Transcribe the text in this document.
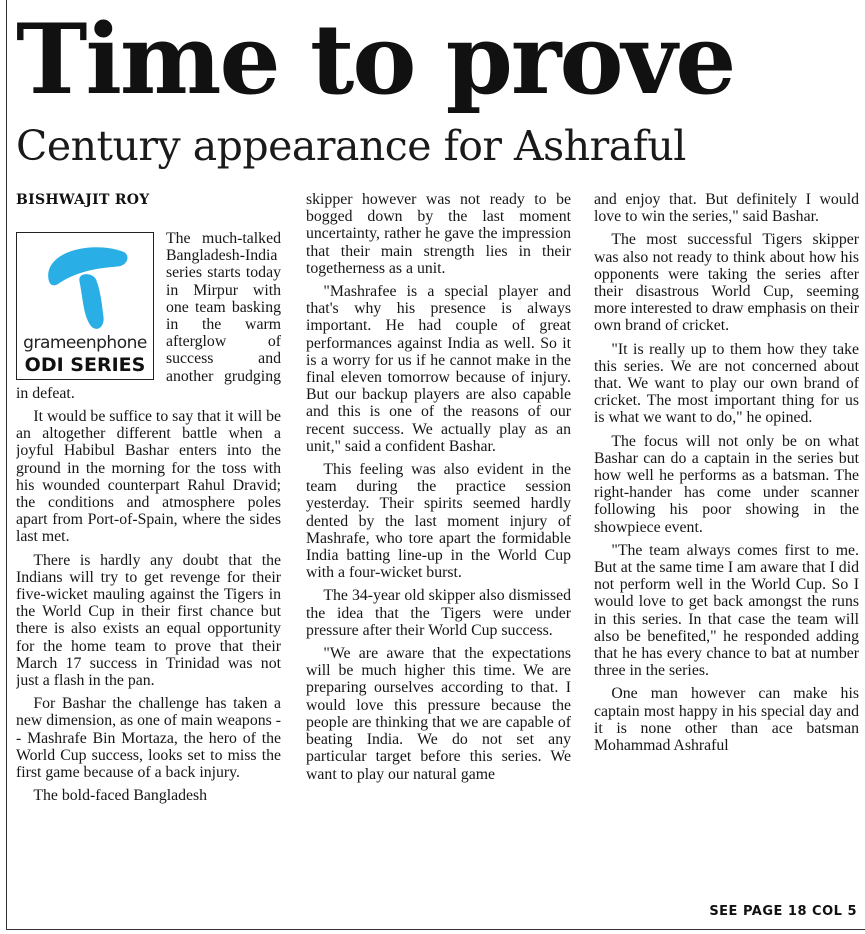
Time to prove
Century appearance for Ashraful
BISHWAJIT ROY
grameenphone
ODI SERIES

The much-talked Bangladesh-India series starts today in Mirpur with one team basking in the warm afterglow of success and another grudging in defeat.

It would be suffice to say that it will be an altogether different battle when a joyful Habibul Bashar enters into the ground in the morning for the toss with his wounded counterpart Rahul Dravid; the conditions and atmosphere poles apart from Port-of-Spain, where the sides last met.

There is hardly any doubt that the Indians will try to get revenge for their five-wicket mauling against the Tigers in the World Cup in their first chance but there is also exists an equal opportunity for the home team to prove that their March 17 success in Trinidad was not just a flash in the pan.

For Bashar the challenge has taken a new dimension, as one of main weapons -- Mashrafe Bin Mortaza, the hero of the World Cup success, looks set to miss the first game because of a back injury.

The bold-faced Bangladesh

skipper however was not ready to be bogged down by the last moment uncertainty, rather he gave the impression that their main strength lies in their togetherness as a unit.

"Mashrafee is a special player and that's why his presence is always important. He had couple of great performances against India as well. So it is a worry for us if he cannot make in the final eleven tomorrow because of injury. But our backup players are also capable and this is one of the reasons of our recent success. We actually play as an unit," said a confident Bashar.

This feeling was also evident in the team during the practice session yesterday. Their spirits seemed hardly dented by the last moment injury of Mashrafe, who tore apart the formidable India batting line-up in the World Cup with a four-wicket burst.

The 34-year old skipper also dismissed the idea that the Tigers were under pressure after their World Cup success.

"We are aware that the expectations will be much higher this time. We are preparing ourselves according to that. I would love this pressure because the people are thinking that we are capable of beating India. We do not set any particular target before this series. We want to play our natural game

and enjoy that. But definitely I would love to win the series," said Bashar.

The most successful Tigers skipper was also not ready to think about how his opponents were taking the series after their disastrous World Cup, seeming more interested to draw emphasis on their own brand of cricket.

"It is really up to them how they take this series. We are not concerned about that. We want to play our own brand of cricket. The most important thing for us is what we want to do," he opined.

The focus will not only be on what Bashar can do a captain in the series but how well he performs as a batsman. The right-hander has come under scanner following his poor showing in the showpiece event.

"The team always comes first to me. But at the same time I am aware that I did not perform well in the World Cup. So I would love to get back amongst the runs in this series. In that case the team will also be benefited," he responded adding that he has every chance to bat at number three in the series.

One man however can make his captain most happy in his special day and it is none other than ace batsman Mohammad Ashraful

SEE PAGE 18 COL 5
